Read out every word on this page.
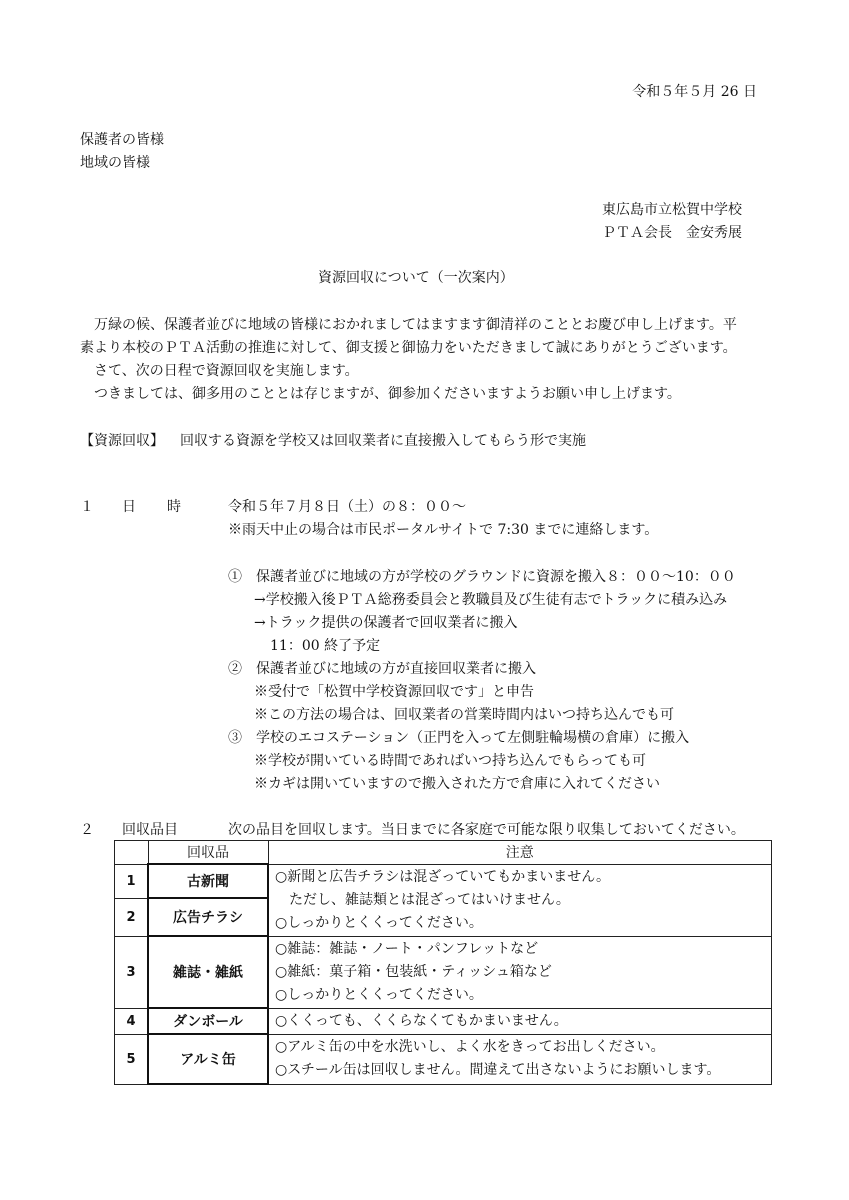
令和５年５月 26 日
保護者の皆様
地域の皆様
東広島市立松賀中学校
ＰＴＡ会長　金安秀展
資源回収について（一次案内）
　万緑の候、保護者並びに地域の皆様におかれましてはますます御清祥のこととお慶び申し上げます。平
素より本校のＰＴＡ活動の推進に対して、御支援と御協力をいただきまして誠にありがとうございます。
　さて、次の日程で資源回収を実施します。
　つきましては、御多用のこととは存じますが、御参加くださいますようお願い申し上げます。
【資源回収】 回収する資源を学校又は回収業者に直接搬入してもらう形で実施
１ 日 時	令和５年７月８日（土）の８：００～
※雨天中止の場合は市民ポータルサイトで 7:30 までに連絡します。
①　保護者並びに地域の方が学校のグラウンドに資源を搬入８：００～10：００
→学校搬入後ＰＴＡ総務委員会と教職員及び生徒有志でトラックに積み込み
→トラック提供の保護者で回収業者に搬入
11：00 終了予定
②　保護者並びに地域の方が直接回収業者に搬入
※受付で「松賀中学校資源回収です」と申告
※この方法の場合は、回収業者の営業時間内はいつ持ち込んでも可
③　学校のエコステーション（正門を入って左側駐輪場横の倉庫）に搬入
※学校が開いている時間であればいつ持ち込んでもらっても可
※カギは開いていますので搬入された方で倉庫に入れてください
２ 回収品目	次の品目を回収します。当日までに各家庭で可能な限り収集しておいてください。
	回収品	注意
1	古新聞	○新聞と広告チラシは混ざっていてもかまいません。
　ただし、雑誌類とは混ざってはいけません。
○しっかりとくくってください。

2	広告チラシ	
3	雑誌・雑紙	○雑誌：雑誌・ノート・パンフレットなど
○雑紙：菓子箱・包装紙・ティッシュ箱など
○しっかりとくくってください。

4	ダンボール	○くくっても、くくらなくてもかまいません。

5	アルミ缶	○アルミ缶の中を水洗いし、よく水をきってお出しください。
○スチール缶は回収しません。間違えて出さないようにお願いします。
